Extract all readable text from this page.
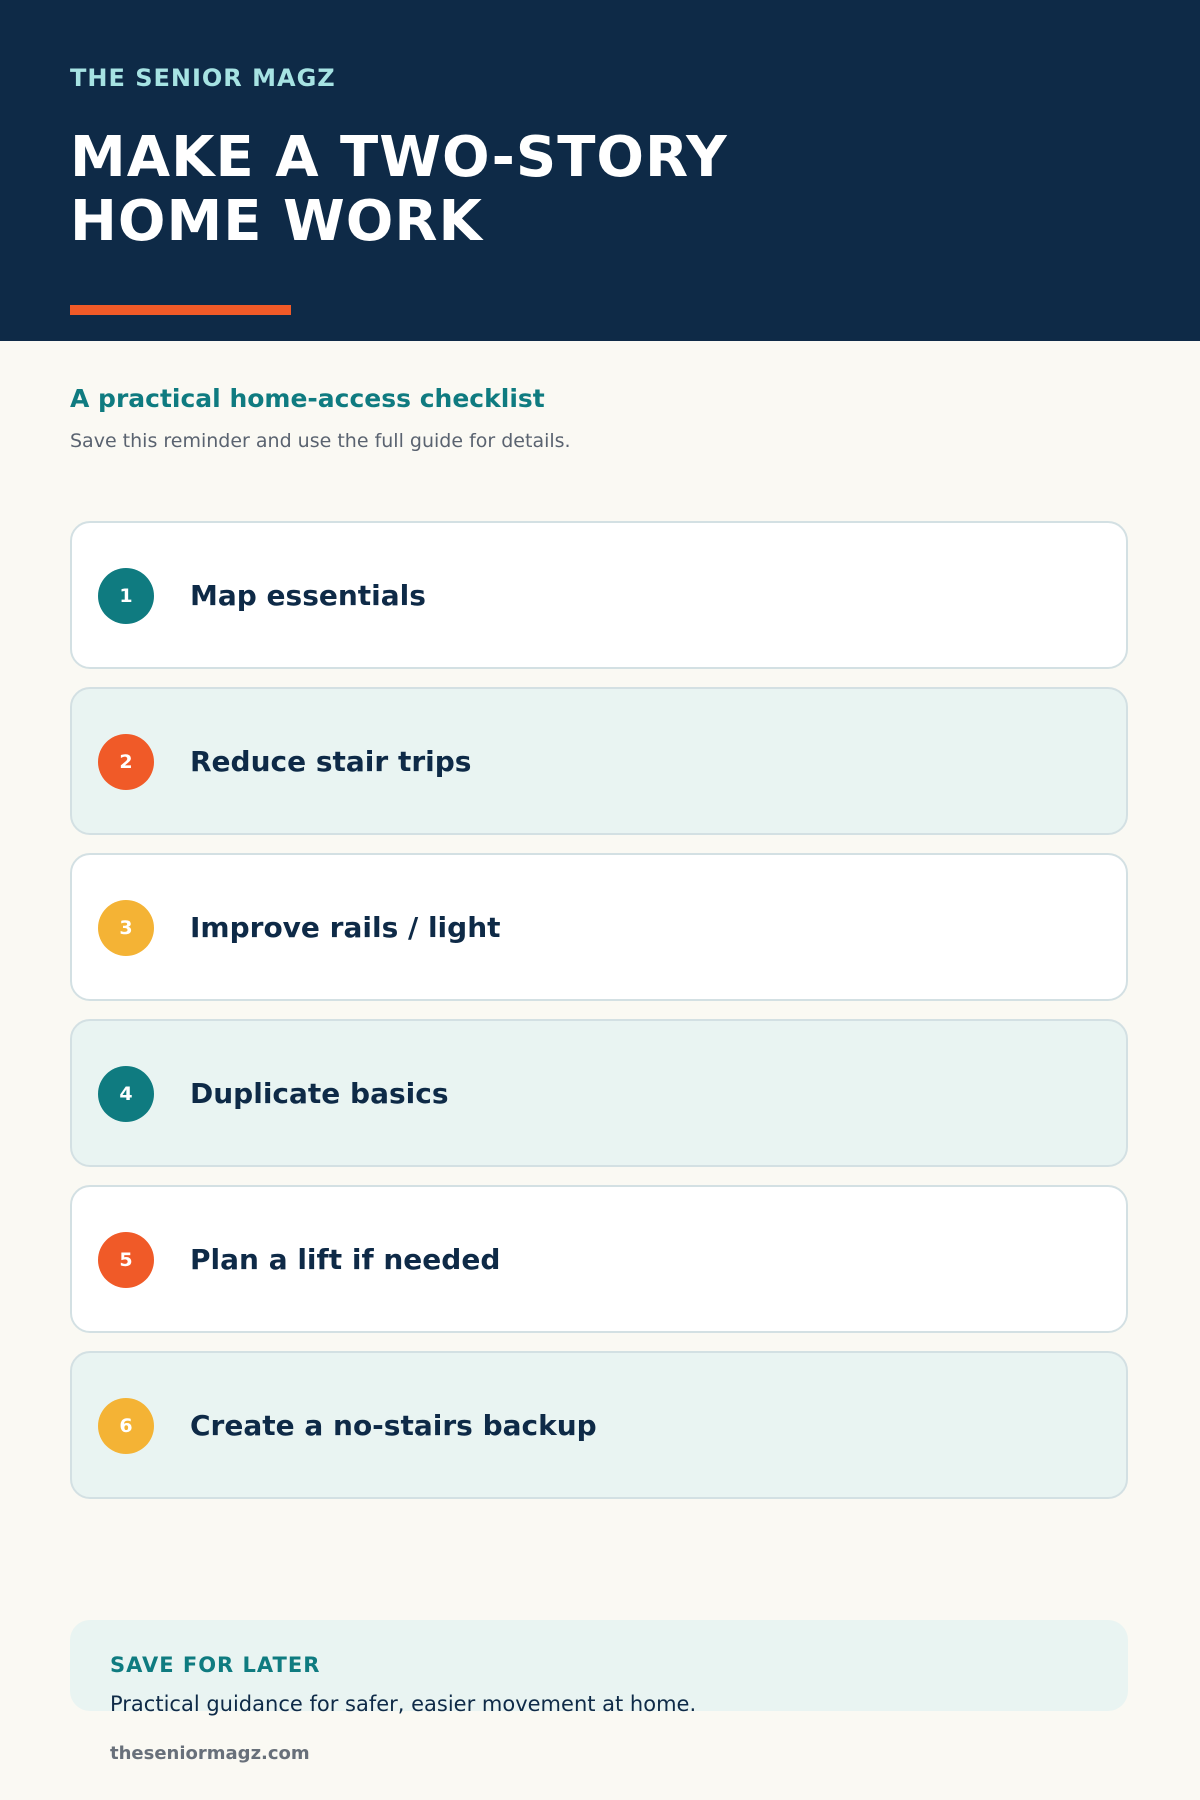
THE SENIOR MAGZ
MAKE A TWO-STORY
HOME WORK
A practical home-access checklist
Save this reminder and use the full guide for details.
1	Map essentials
2	Reduce stair trips
3	Improve rails / light
4	Duplicate basics
5	Plan a lift if needed
6	Create a no-stairs backup
SAVE FOR LATER
Practical guidance for safer, easier movement at home.
theseniormagz.com
